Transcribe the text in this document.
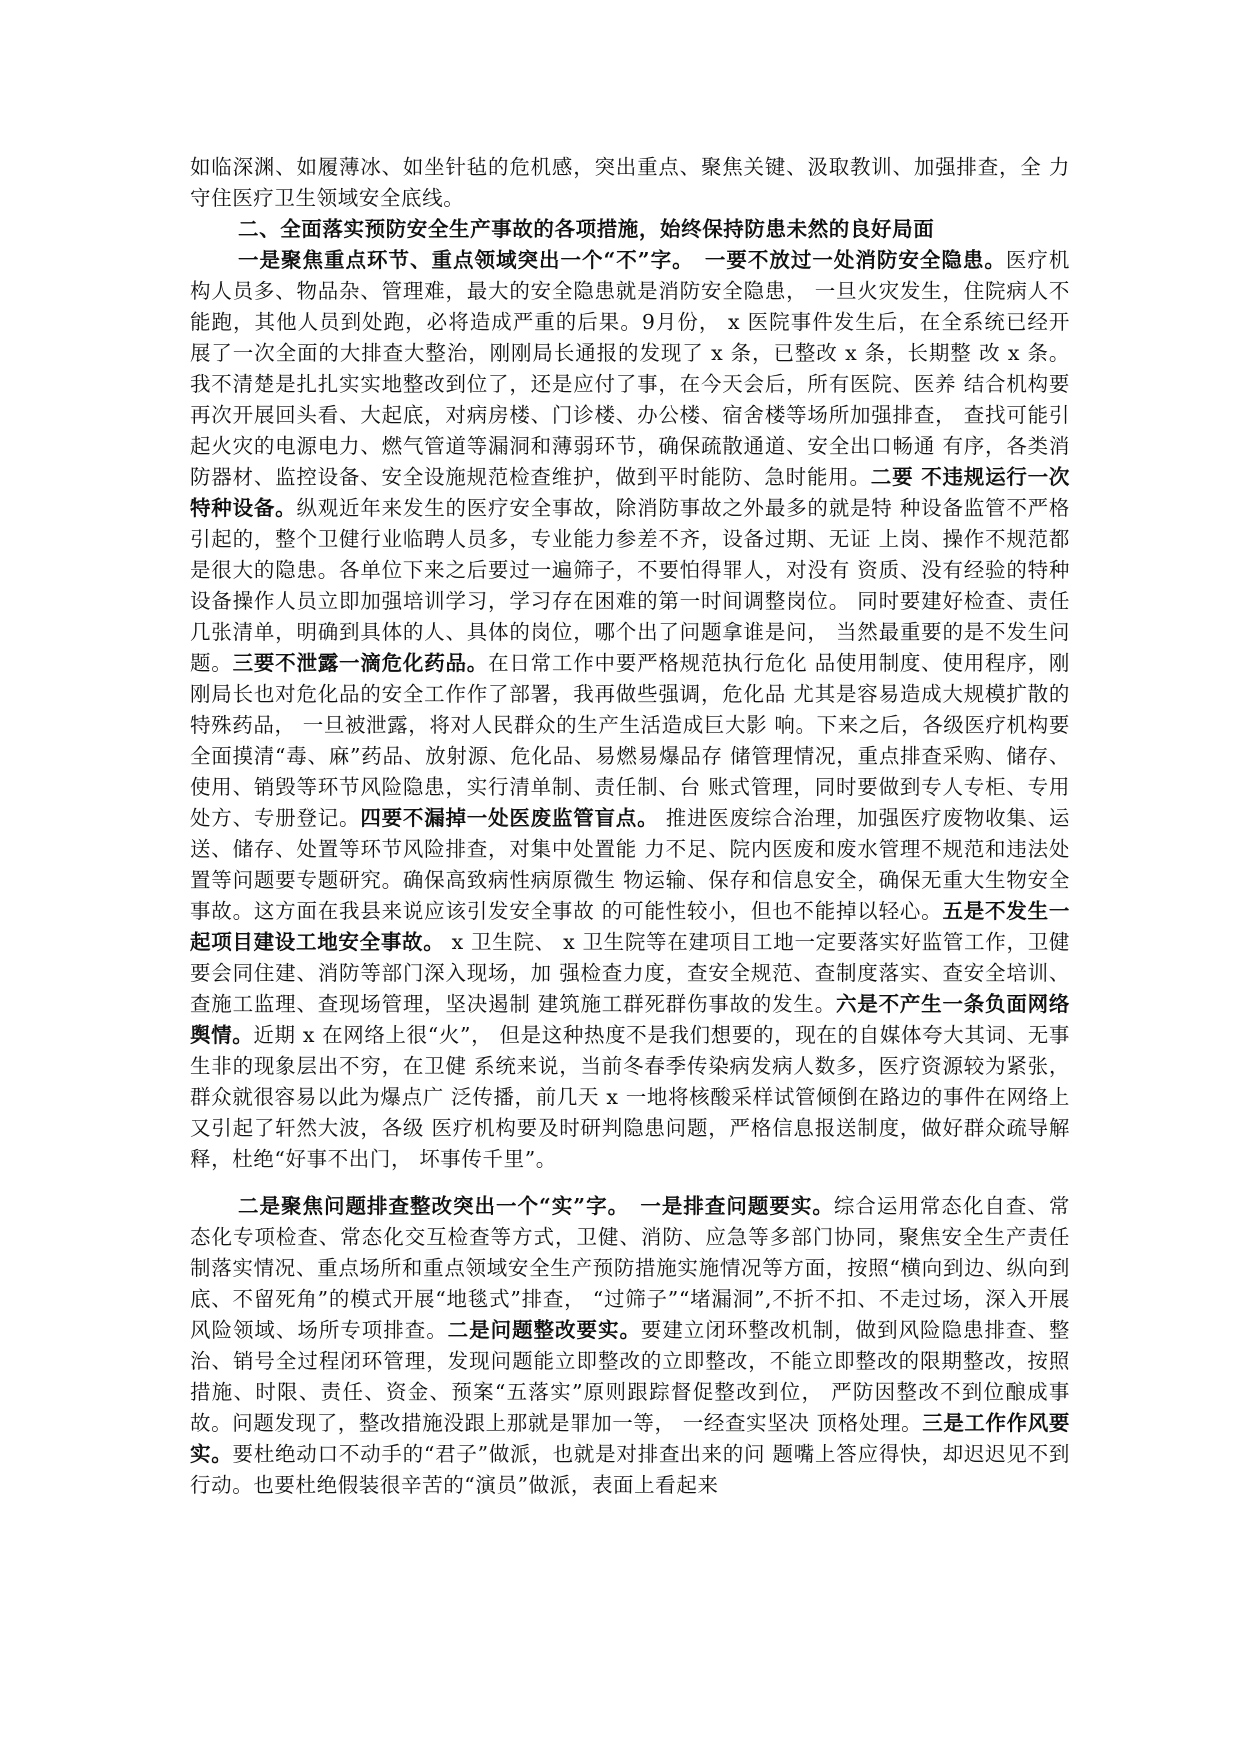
如临深渊、如履薄冰、如坐针毡的危机感，突出重点、聚焦关键、汲取教训、加强排查，全 力守住医疗卫生领域安全底线。

二、全面落实预防安全生产事故的各项措施，始终保持防患未然的良好局面

一是聚焦重点环节、重点领域突出一个“不”字。　 一要不放过一处消防安全隐患。医疗机构人员多、物品杂、管理难，最大的安全隐患就是消防安全隐患， 一旦火灾发生，住院病人不能跑，其他人员到处跑，必将造成严重的后果。9月份， x 医院事件发生后，在全系统已经开展了一次全面的大排查大整治，刚刚局长通报的发现了 x 条，已整改 x 条，长期整 改 x 条。我不清楚是扎扎实实地整改到位了，还是应付了事，在今天会后，所有医院、医养 结合机构要再次开展回头看、大起底，对病房楼、门诊楼、办公楼、宿舍楼等场所加强排查， 查找可能引起火灾的电源电力、燃气管道等漏洞和薄弱环节，确保疏散通道、安全出口畅通 有序，各类消防器材、监控设备、安全设施规范检查维护，做到平时能防、急时能用。二要 不违规运行一次特种设备。纵观近年来发生的医疗安全事故，除消防事故之外最多的就是特 种设备监管不严格引起的，整个卫健行业临聘人员多，专业能力参差不齐，设备过期、无证 上岗、操作不规范都是很大的隐患。各单位下来之后要过一遍筛子，不要怕得罪人，对没有 资质、没有经验的特种设备操作人员立即加强培训学习，学习存在困难的第一时间调整岗位。 同时要建好检查、责任几张清单，明确到具体的人、具体的岗位，哪个出了问题拿谁是问， 当然最重要的是不发生问题。三要不泄露一滴危化药品。在日常工作中要严格规范执行危化 品使用制度、使用程序，刚刚局长也对危化品的安全工作作了部署，我再做些强调，危化品 尤其是容易造成大规模扩散的特殊药品， 一旦被泄露，将对人民群众的生产生活造成巨大影 响。下来之后，各级医疗机构要全面摸清“毒、麻”药品、放射源、危化品、易燃易爆品存 储管理情况，重点排查采购、储存、使用、销毁等环节风险隐患，实行清单制、责任制、台 账式管理，同时要做到专人专柜、专用处方、专册登记。四要不漏掉一处医废监管盲点。 推进医废综合治理，加强医疗废物收集、运送、储存、处置等环节风险排查，对集中处置能 力不足、院内医废和废水管理不规范和违法处置等问题要专题研究。确保高致病性病原微生 物运输、保存和信息安全，确保无重大生物安全事故。这方面在我县来说应该引发安全事故 的可能性较小，但也不能掉以轻心。五是不发生一起项目建设工地安全事故。 x 卫生院、 x 卫生院等在建项目工地一定要落实好监管工作，卫健要会同住建、消防等部门深入现场，加 强检查力度，查安全规范、查制度落实、查安全培训、查施工监理、查现场管理，坚决遏制 建筑施工群死群伤事故的发生。六是不产生一条负面网络舆情。近期 x 在网络上很“火”， 但是这种热度不是我们想要的，现在的自媒体夸大其词、无事生非的现象层出不穷，在卫健 系统来说，当前冬春季传染病发病人数多，医疗资源较为紧张，群众就很容易以此为爆点广 泛传播，前几天 x 一地将核酸采样试管倾倒在路边的事件在网络上又引起了轩然大波，各级 医疗机构要及时研判隐患问题，严格信息报送制度，做好群众疏导解释，杜绝“好事不出门， 坏事传千里”。

二是聚焦问题排查整改突出一个“实”字。　 一是排查问题要实。综合运用常态化自查、常态化专项检查、常态化交互检查等方式，卫健、消防、应急等多部门协同，聚焦安全生产责任制落实情况、重点场所和重点领域安全生产预防措施实施情况等方面，按照“横向到边、纵向到底、不留死角”的模式开展“地毯式”排查， “过筛子”“堵漏洞”,不折不扣、不走过场，深入开展风险领域、场所专项排查。二是问题整改要实。要建立闭环整改机制，做到风险隐患排查、整治、销号全过程闭环管理，发现问题能立即整改的立即整改，不能立即整改的限期整改，按照措施、时限、责任、资金、预案“五落实”原则跟踪督促整改到位， 严防因整改不到位酿成事故。问题发现了，整改措施没跟上那就是罪加一等， 一经查实坚决 顶格处理。三是工作作风要实。要杜绝动口不动手的“君子”做派，也就是对排查出来的问 题嘴上答应得快，却迟迟见不到行动。也要杜绝假装很辛苦的“演员”做派，表面上看起来
